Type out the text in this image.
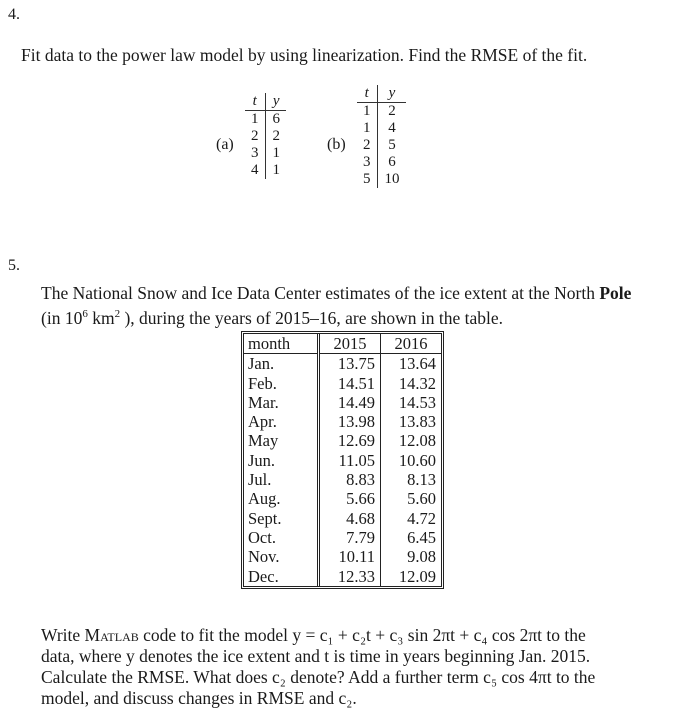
4.
Fit data to the power law model by using linearization. Find the RMSE of the fit.
(a)
t	y
1	6
2	2
3	1
4	1
(b)
t	y
1	2
1	4
2	5
3	6
5	10
5.
The National Snow and Ice Data Center estimates of the ice extent at the North Pole
(in $10^6$ $km^2$ ), during the years of 2015–16, are shown in the table.
month	2015	2016
Jan.	13.75	13.64
Feb.	14.51	14.32
Mar.	14.49	14.53
Apr.	13.98	13.83
May	12.69	12.08
Jun.	11.05	10.60
Jul.	8.83	8.13
Aug.	5.66	5.60
Sept.	4.68	4.72
Oct.	7.79	6.45
Nov.	10.11	9.08
Dec.	12.33	12.09
Write Matlab code to fit the model y = c₁ + c₂t + c₃ sin 2πt + c₄ cos 2πt to the
data, where y denotes the ice extent and t is time in years beginning Jan. 2015.
Calculate the RMSE. What does c₂ denote? Add a further term c₅ cos 4πt to the
model, and discuss changes in RMSE and c₂.
